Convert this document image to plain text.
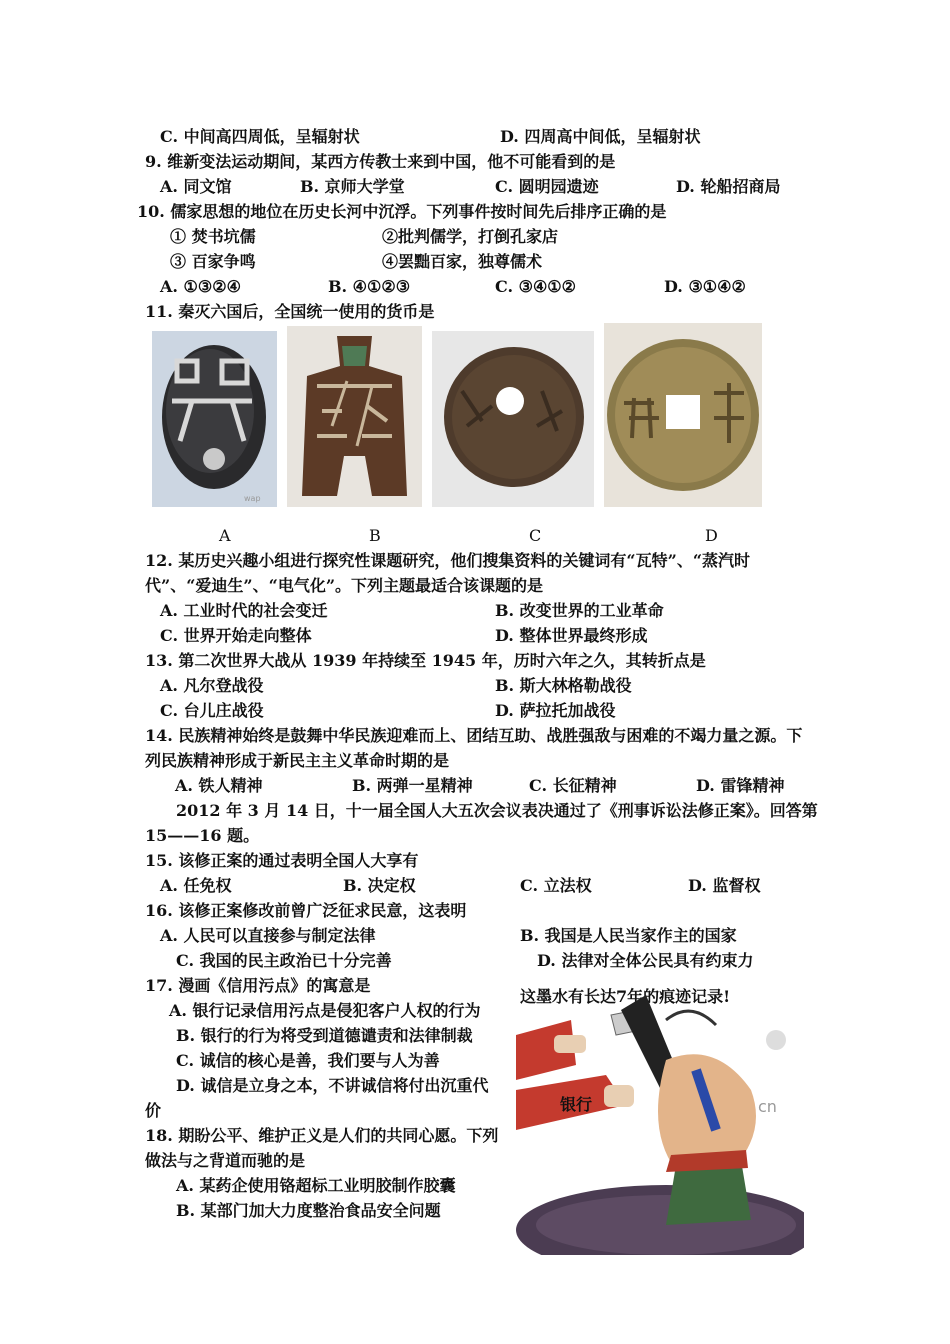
C. 中间高四周低，呈辐射状	D. 四周高中间低，呈辐射状
9. 维新变法运动期间，某西方传教士来到中国，他不可能看到的是
A. 同文馆	B. 京师大学堂	C. 圆明园遗迹	D. 轮船招商局
10. 儒家思想的地位在历史长河中沉浮。下列事件按时间先后排序正确的是
① 焚书坑儒	②批判儒学，打倒孔家店
③ 百家争鸣	④罢黜百家，独尊儒术
A. ①③②④	B. ④①②③	C. ③④①②	D. ③①④②
11. 秦灭六国后，全国统一使用的货币是
wap
A	B	C	D
12. 某历史兴趣小组进行探究性课题研究，他们搜集资料的关键词有“瓦特”、“蒸汽时
代”、“爱迪生”、“电气化”。下列主题最适合该课题的是
A. 工业时代的社会变迁	B. 改变世界的工业革命
C. 世界开始走向整体	D. 整体世界最终形成
13. 第二次世界大战从 1939 年持续至 1945 年，历时六年之久，其转折点是
A. 凡尔登战役	B. 斯大林格勒战役
C. 台儿庄战役	D. 萨拉托加战役
14. 民族精神始终是鼓舞中华民族迎难而上、团结互助、战胜强敌与困难的不竭力量之源。下
列民族精神形成于新民主主义革命时期的是
A. 铁人精神	B. 两弹一星精神	C. 长征精神	D. 雷锋精神
2012 年 3 月 14 日，十一届全国人大五次会议表决通过了《刑事诉讼法修正案》。回答第
15——16 题。
15. 该修正案的通过表明全国人大享有
A. 任免权	B. 决定权	C. 立法权	D. 监督权
16. 该修正案修改前曾广泛征求民意，这表明
A. 人民可以直接参与制定法律	B. 我国是人民当家作主的国家
C. 我国的民主政治已十分完善	D. 法律对全体公民具有约束力
17. 漫画《信用污点》的寓意是
A. 银行记录信用污点是侵犯客户人权的行为
B. 银行的行为将受到道德谴责和法律制裁
C. 诚信的核心是善，我们要与人为善
D. 诚信是立身之本，不讲诚信将付出沉重代
价
18. 期盼公平、维护正义是人们的共同心愿。下列
做法与之背道而驰的是
A. 某药企使用铬超标工业明胶制作胶囊
B. 某部门加大力度整治食品安全问题
这墨水有长达7年的痕迹记录!
银行	cn
